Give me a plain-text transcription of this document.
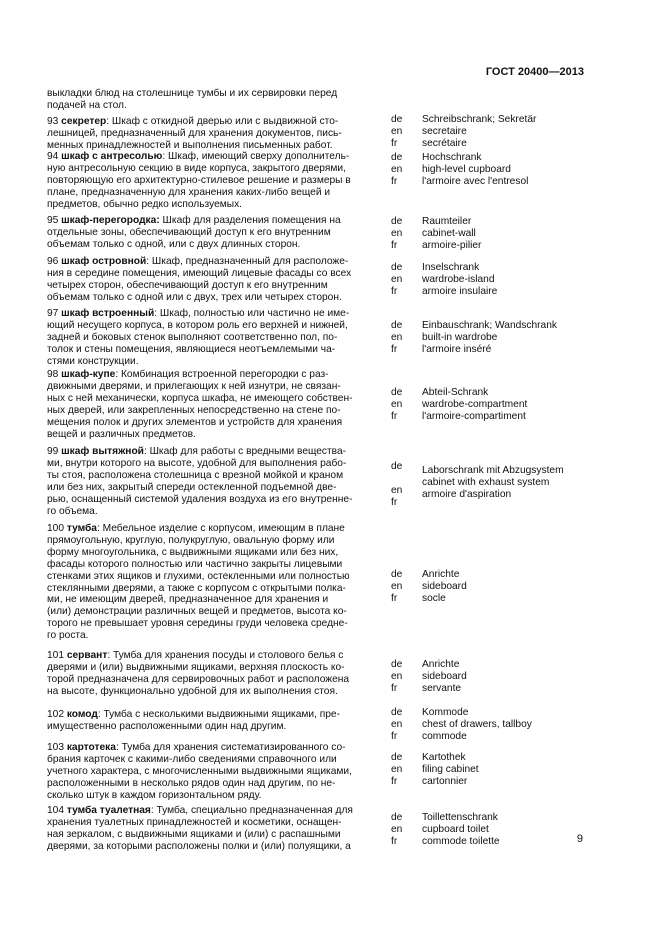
ГОСТ 20400—2013
выкладки блюд на столешнице тумбы и их сервировки перед
подачей на стол.
93 секретер: Шкаф с откидной дверью или с выдвижной сто-
лешницей, предназначенный для хранения документов, пись-
менных принадлежностей и выполнения письменных работ.
de
en
fr
Schreibschrank; Sekretär
secretaire
secrétaire
94 шкаф с антресолью: Шкаф, имеющий сверху дополнитель-
ную антресольную секцию в виде корпуса, закрытого дверями,
повторяющую его архитектурно-стилевое решение и размеры в
плане, предназначенную для хранения каких-либо вещей и
предметов, обычно редко используемых.
de
en
fr
Hochschrank
high-level cupboard
l'armoire avec l'entresol
95 шкаф-перегородка: Шкаф для разделения помещения на
отдельные зоны, обеспечивающий доступ к его внутренним
объемам только с одной, или с двух длинных сторон.
de
en
fr
Raumteiler
cabinet-wall
armoire-pilier
96 шкаф островной: Шкаф, предназначенный для расположе-
ния в середине помещения, имеющий лицевые фасады со всех
четырех сторон, обеспечивающий доступ к его внутренним
объемам только с одной или с двух, трех или четырех сторон.
de
en
fr
Inselschrank
wardrobe-island
armoire insulaire
97 шкаф встроенный: Шкаф, полностью или частично не име-
ющий несущего корпуса, в котором роль его верхней и нижней,
задней и боковых стенок выполняют соответственно пол, по-
толок и стены помещения, являющиеся неотъемлемыми ча-
стями конструкции.
de
en
fr
Einbauschrank; Wandschrank
built-in wardrobe
l'armoire inséré
98 шкаф-купе: Комбинация встроенной перегородки с раз-
движными дверями, и прилегающих к ней изнутри, не связан-
ных с ней механически, корпуса шкафа, не имеющего собствен-
ных дверей, или закрепленных непосредственно на стене по-
мещения полок и других элементов и устройств для хранения
вещей и различных предметов.
de
en
fr
Abteil-Schrank
wardrobe-compartment
l'armoire-compartiment
99 шкаф вытяжной: Шкаф для работы с вредными вещества-
ми, внутри которого на высоте, удобной для выполнения рабо-
ты стоя, расположена столешница с врезной мойкой и краном
или без них, закрытый спереди остекленной подъемной две-
рью, оснащенный системой удаления воздуха из его внутренне-
го объема.
de

en
fr
Laborschrank mit Abzugsystem
cabinet with exhaust system
armoire d'aspiration
100 тумба: Мебельное изделие с корпусом, имеющим в плане
прямоугольную, круглую, полукруглую, овальную форму или
форму многоугольника, с выдвижными ящиками или без них,
фасады которого полностью или частично закрыты лицевыми
стенками этих ящиков и глухими, остекленными или полностью
стеклянными дверями, а также с корпусом с открытыми полка-
ми, не имеющим дверей, предназначенное для хранения и
(или) демонстрации различных вещей и предметов, высота ко-
торого не превышает уровня середины груди человека средне-
го роста.
de
en
fr
Anrichte
sideboard
socle
101 сервант: Тумба для хранения посуды и столового белья с
дверями и (или) выдвижными ящиками, верхняя плоскость ко-
торой предназначена для сервировочных работ и расположена
на высоте, функционально удобной для их выполнения стоя.
de
en
fr
Anrichte
sideboard
servante
102 комод: Тумба с несколькими выдвижными ящиками, пре-
имущественно расположенными один над другим.
de
en
fr
Kommode
chest of drawers, tallboy
commode
103 картотека: Тумба для хранения систематизированного со-
брания карточек с какими-либо сведениями справочного или
учетного характера, с многочисленными выдвижными ящиками,
расположенными в несколько рядов один над другим, по не-
сколько штук в каждом горизонтальном ряду.
de
en
fr
Kartothek
filing cabinet
cartonnier
104 тумба туалетная: Тумба, специально предназначенная для
хранения туалетных принадлежностей и косметики, оснащен-
ная зеркалом, с выдвижными ящиками и (или) с распашными
дверями, за которыми расположены полки и (или) полуящики, а
de
en
fr
Toillettenschrank
cupboard toilet
commode toilette	9
